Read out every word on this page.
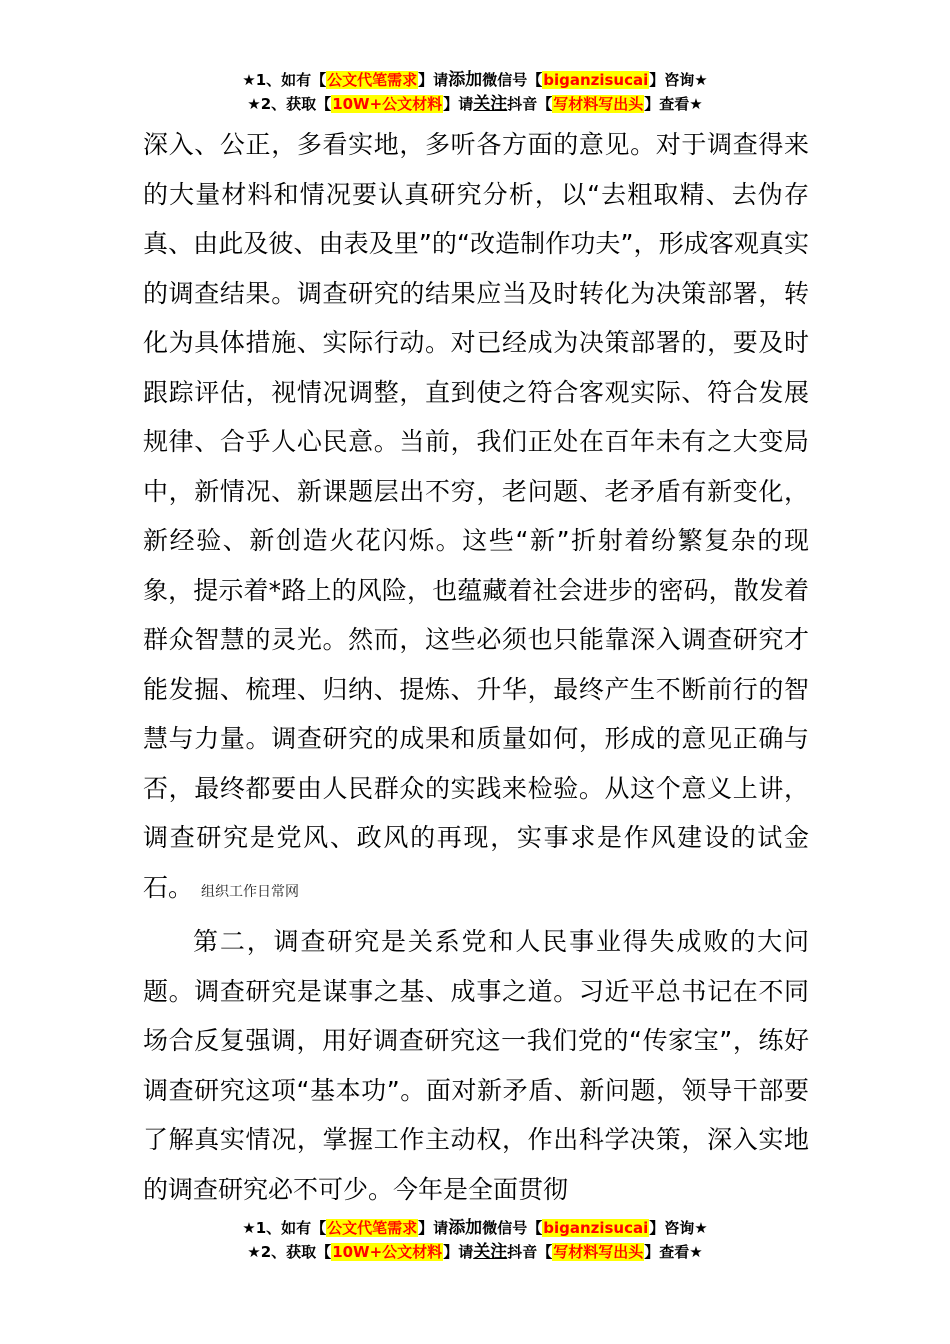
★1、如有【公文代笔需求】请添加微信号【biganzisucai】咨询★
★2、获取【10W+公文材料】请关注抖音【写材料写出头】查看★

深入、公正，多看实地，多听各方面的意见。对于调查得来的大量材料和情况要认真研究分析，以“去粗取精、去伪存真、由此及彼、由表及里”的“改造制作功夫”，形成客观真实的调查结果。调查研究的结果应当及时转化为决策部署，转化为具体措施、实际行动。对已经成为决策部署的，要及时跟踪评估，视情况调整，直到使之符合客观实际、符合发展规律、合乎人心民意。当前，我们正处在百年未有之大变局中，新情况、新课题层出不穷，老问题、老矛盾有新变化，新经验、新创造火花闪烁。这些“新”折射着纷繁复杂的现象，提示着*路上的风险，也蕴藏着社会进步的密码，散发着群众智慧的灵光。然而，这些必须也只能靠深入调查研究才能发掘、梳理、归纳、提炼、升华，最终产生不断前行的智慧与力量。调查研究的成果和质量如何，形成的意见正确与否，最终都要由人民群众的实践来检验。从这个意义上讲，调查研究是党风、政风的再现，实事求是作风建设的试金石。 组织工作日常网

第二，调查研究是关系党和人民事业得失成败的大问题。调查研究是谋事之基、成事之道。习近平总书记在不同场合反复强调，用好调查研究这一我们党的“传家宝”，练好调查研究这项“基本功”。面对新矛盾、新问题，领导干部要了解真实情况，掌握工作主动权，作出科学决策，深入实地的调查研究必不可少。今年是全面贯彻

★1、如有【公文代笔需求】请添加微信号【biganzisucai】咨询★
★2、获取【10W+公文材料】请关注抖音【写材料写出头】查看★
